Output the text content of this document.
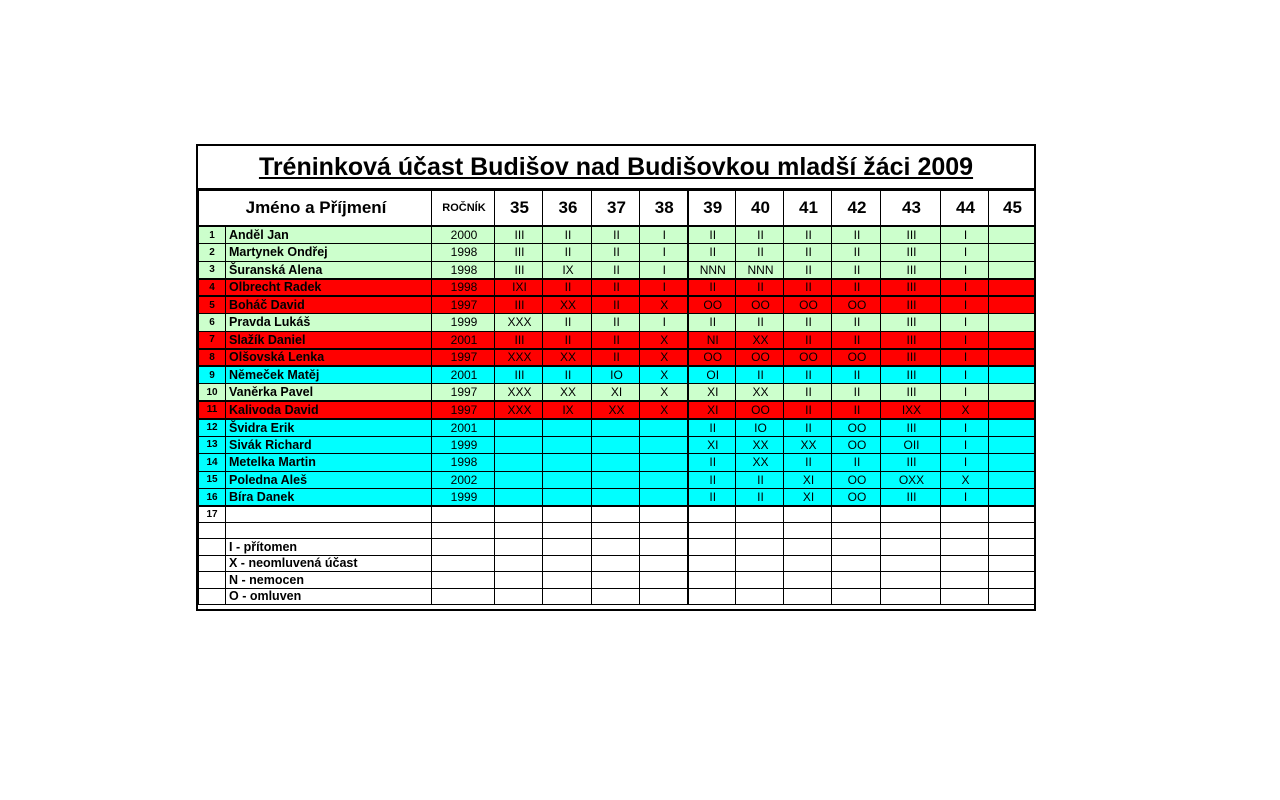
Tréninková účast Budišov nad Budišovkou mladší žáci 2009
Jméno a Příjmení		ROČNÍK	35	36	37	38	39	40	41	42	43	44	45
1	Anděl Jan	2000	III	II	II	I	II	II	II	II	III	I	
2	Martynek Ondřej	1998	III	II	II	I	II	II	II	II	III	I	
3	Šuranská Alena	1998	III	IX	II	I	NNN	NNN	II	II	III	I	
4	Olbrecht Radek	1998	IXI	II	II	I	II	II	II	II	III	I	
5	Boháč David	1997	III	XX	II	X	OO	OO	OO	OO	III	I	
6	Pravda Lukáš	1999	XXX	II	II	I	II	II	II	II	III	I	
7	Slažík Daniel	2001	III	II	II	X	NI	XX	II	II	III	I	
8	Olšovská Lenka	1997	XXX	XX	II	X	OO	OO	OO	OO	III	I	
9	Němeček Matěj	2001	III	II	IO	X	OI	II	II	II	III	I	
10	Vaněrka Pavel	1997	XXX	XX	XI	X	XI	XX	II	II	III	I	
11	Kalivoda David	1997	XXX	IX	XX	X	XI	OO	II	II	IXX	X	
12	Švidra Erik	2001					II	IO	II	OO	III	I	
13	Sivák Richard	1999					XI	XX	XX	OO	OII	I	
14	Metelka Martin	1998					II	XX	II	II	III	I	
15	Poledna Aleš	2002					II	II	XI	OO	OXX	X	
16	Bíra Danek	1999					II	II	XI	OO	III	I	
17													

	I - přítomen												
	X - neomluvená účast												
	N - nemocen												
	O - omluven												
